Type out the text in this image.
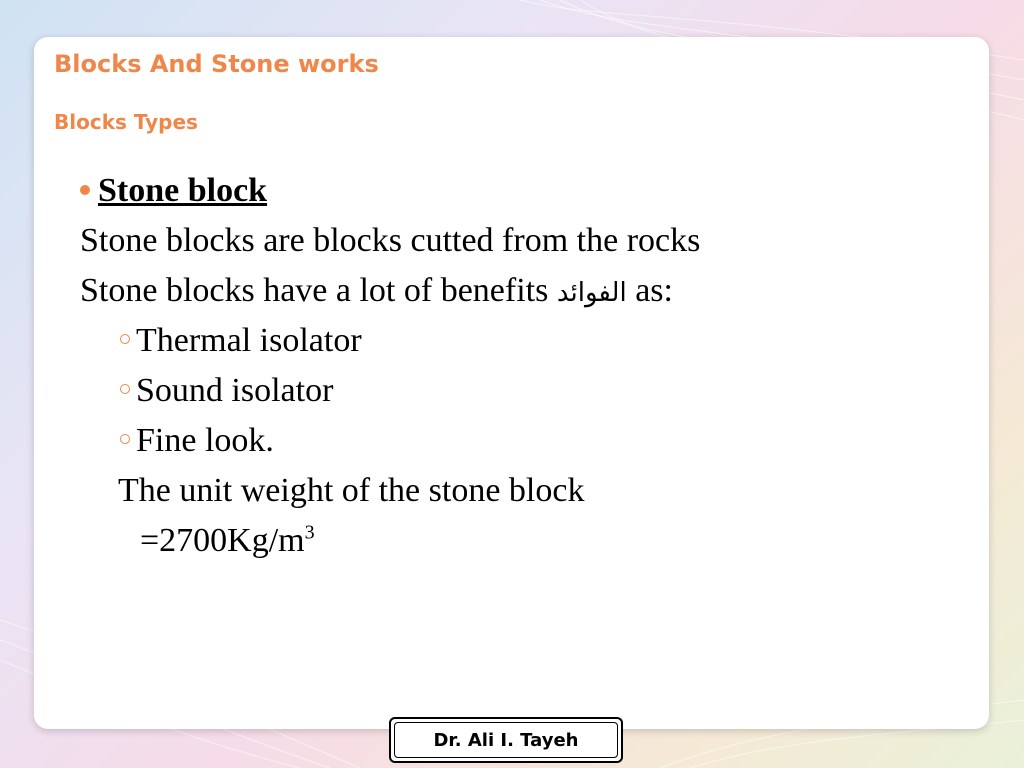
Blocks And Stone works
Blocks Types
Stone block
Stone blocks are blocks cutted from the rocks
Stone blocks have a lot of benefits الفوائد as:
Thermal isolator
Sound isolator
Fine look.
The unit weight of the stone block
$=2700Kg/m^3$
Dr. Ali I. Tayeh
